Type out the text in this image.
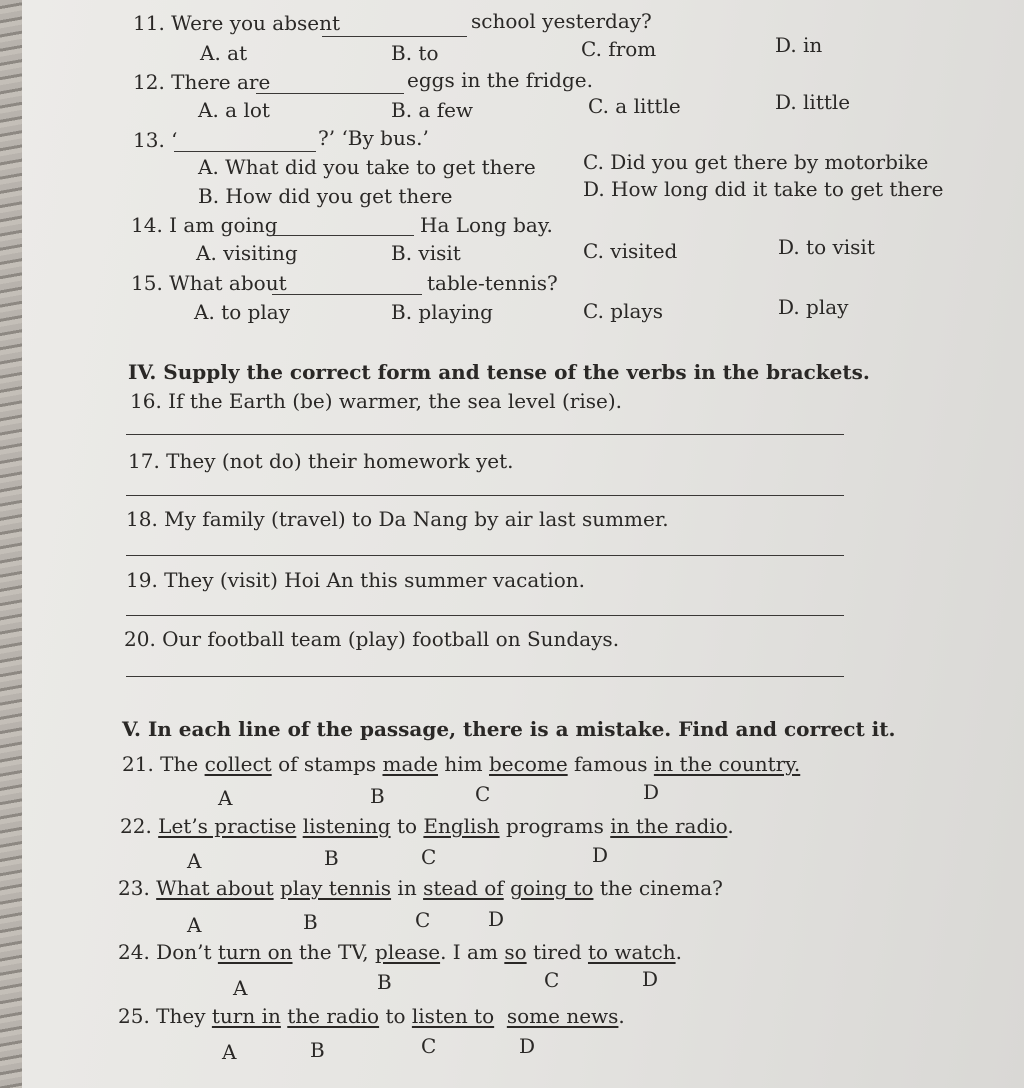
11. Were you absent	school yesterday?
A. at	B. to	C. from	D. in
12. There are	eggs in the fridge.
A. a lot	B. a few	C. a little	D. little
13. ‘	?’ ‘By bus.’
A. What did you take to get there
B. How did you get there
C. Did you get there by motorbike
D. How long did it take to get there
14. I am going	Ha Long bay.
A. visiting	B. visit	C. visited	D. to visit
15. What about	table-tennis?
A. to play	B. playing	C. plays	D. play
IV. Supply the correct form and tense of the verbs in the brackets.
16. If the Earth (be) warmer, the sea level (rise).
17. They (not do) their homework yet.
18. My family (travel) to Da Nang by air last summer.
19. They (visit) Hoi An this summer vacation.
20. Our football team (play) football on Sundays.
V. In each line of the passage, there is a mistake. Find and correct it.
21. The collect of stamps made him become famous in the country.
A	B	C	D
22. Let’s practise listening to English programs in the radio.
A	B	C	D
23. What about play tennis in stead of going to the cinema?
A	B	C	D
24. Don’t turn on the TV, please. I am so tired to watch.
A	B	C	D
25. They turn in the radio to listen to some news.
A	B	C	D
